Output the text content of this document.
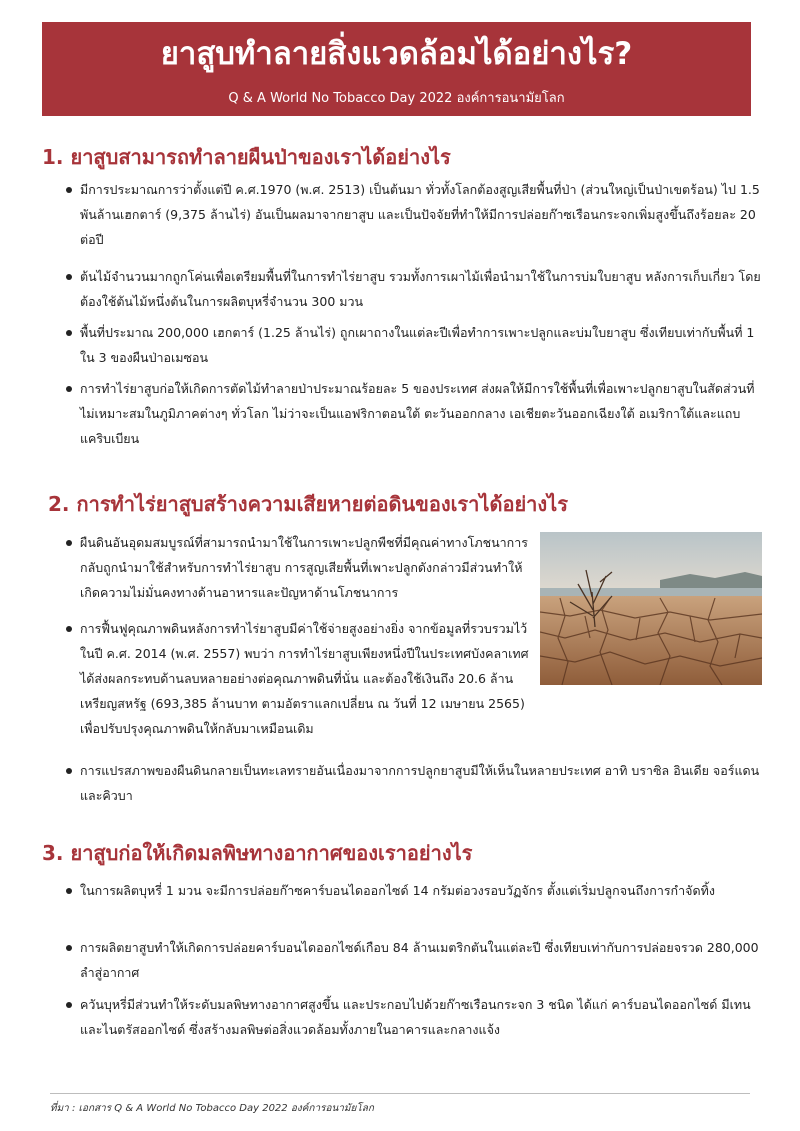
ยาสูบทำลายสิ่งแวดล้อมได้อย่างไร?
Q & A World No Tobacco Day 2022 องค์การอนามัยโลก
1. ยาสูบสามารถทำลายผืนป่าของเราได้อย่างไร
มีการประมาณการว่าตั้งแต่ปี ค.ศ.1970 (พ.ศ. 2513) เป็นต้นมา ทั่วทั้งโลกต้องสูญเสียพื้นที่ป่า (ส่วนใหญ่เป็นป่าเขตร้อน) ไป 1.5 พันล้านเฮกตาร์ (9,375 ล้านไร่) อันเป็นผลมาจากยาสูบ และเป็นปัจจัยที่ทำให้มีการปล่อยก๊าซเรือนกระจกเพิ่มสูงขึ้นถึงร้อยละ 20 ต่อปี
ต้นไม้จำนวนมากถูกโค่นเพื่อเตรียมพื้นที่ในการทำไร่ยาสูบ รวมทั้งการเผาไม้เพื่อนำมาใช้ในการบ่มใบยาสูบ หลังการเก็บเกี่ยว โดยต้องใช้ต้นไม้หนึ่งต้นในการผลิตบุหรี่จำนวน 300 มวน
พื้นที่ประมาณ 200,000 เฮกตาร์ (1.25 ล้านไร่) ถูกเผาถางในแต่ละปีเพื่อทำการเพาะปลูกและบ่มใบยาสูบ ซึ่งเทียบเท่ากับพื้นที่ 1 ใน 3 ของผืนป่าอเมซอน
การทำไร่ยาสูบก่อให้เกิดการตัดไม้ทำลายป่าประมาณร้อยละ 5 ของประเทศ ส่งผลให้มีการใช้พื้นที่เพื่อเพาะปลูกยาสูบในสัดส่วนที่ไม่เหมาะสมในภูมิภาคต่างๆ ทั่วโลก ไม่ว่าจะเป็นแอฟริกาตอนใต้ ตะวันออกกลาง เอเชียตะวันออกเฉียงใต้ อเมริกาใต้และแถบแคริบเบียน
2. การทำไร่ยาสูบสร้างความเสียหายต่อดินของเราได้อย่างไร
ผืนดินอันอุดมสมบูรณ์ที่สามารถนำมาใช้ในการเพาะปลูกพืชที่มีคุณค่าทางโภชนาการกลับถูกนำมาใช้สำหรับการทำไร่ยาสูบ การสูญเสียพื้นที่เพาะปลูกดังกล่าวมีส่วนทำให้เกิดความไม่มั่นคงทางด้านอาหารและปัญหาด้านโภชนาการ
การฟื้นฟูคุณภาพดินหลังการทำไร่ยาสูบมีค่าใช้จ่ายสูงอย่างยิ่ง จากข้อมูลที่รวบรวมไว้ในปี ค.ศ. 2014 (พ.ศ. 2557) พบว่า การทำไร่ยาสูบเพียงหนึ่งปีในประเทศบังคลาเทศ ได้ส่งผลกระทบด้านลบหลายอย่างต่อคุณภาพดินที่นั่น และต้องใช้เงินถึง 20.6 ล้านเหรียญสหรัฐ (693,385 ล้านบาท ตามอัตราแลกเปลี่ยน ณ วันที่ 12 เมษายน 2565) เพื่อปรับปรุงคุณภาพดินให้กลับมาเหมือนเดิม
การแปรสภาพของผืนดินกลายเป็นทะเลทรายอันเนื่องมาจากการปลูกยาสูบมีให้เห็นในหลายประเทศ อาทิ บราซิล อินเดีย จอร์แดน และคิวบา
3. ยาสูบก่อให้เกิดมลพิษทางอากาศของเราอย่างไร
ในการผลิตบุหรี่ 1 มวน จะมีการปล่อยก๊าซคาร์บอนไดออกไซด์ 14 กรัมต่อวงรอบวัฏจักร ตั้งแต่เริ่มปลูกจนถึงการกำจัดทิ้ง
การผลิตยาสูบทำให้เกิดการปล่อยคาร์บอนไดออกไซด์เกือบ 84 ล้านเมตริกตันในแต่ละปี ซึ่งเทียบเท่ากับการปล่อยจรวด 280,000 ลำสู่อากาศ
ควันบุหรี่มีส่วนทำให้ระดับมลพิษทางอากาศสูงขึ้น และประกอบไปด้วยก๊าซเรือนกระจก 3 ชนิด ได้แก่ คาร์บอนไดออกไซด์ มีเทน และไนตรัสออกไซด์ ซึ่งสร้างมลพิษต่อสิ่งแวดล้อมทั้งภายในอาคารและกลางแจ้ง
ที่มา : เอกสาร Q & A World No Tobacco Day 2022 องค์การอนามัยโลก
